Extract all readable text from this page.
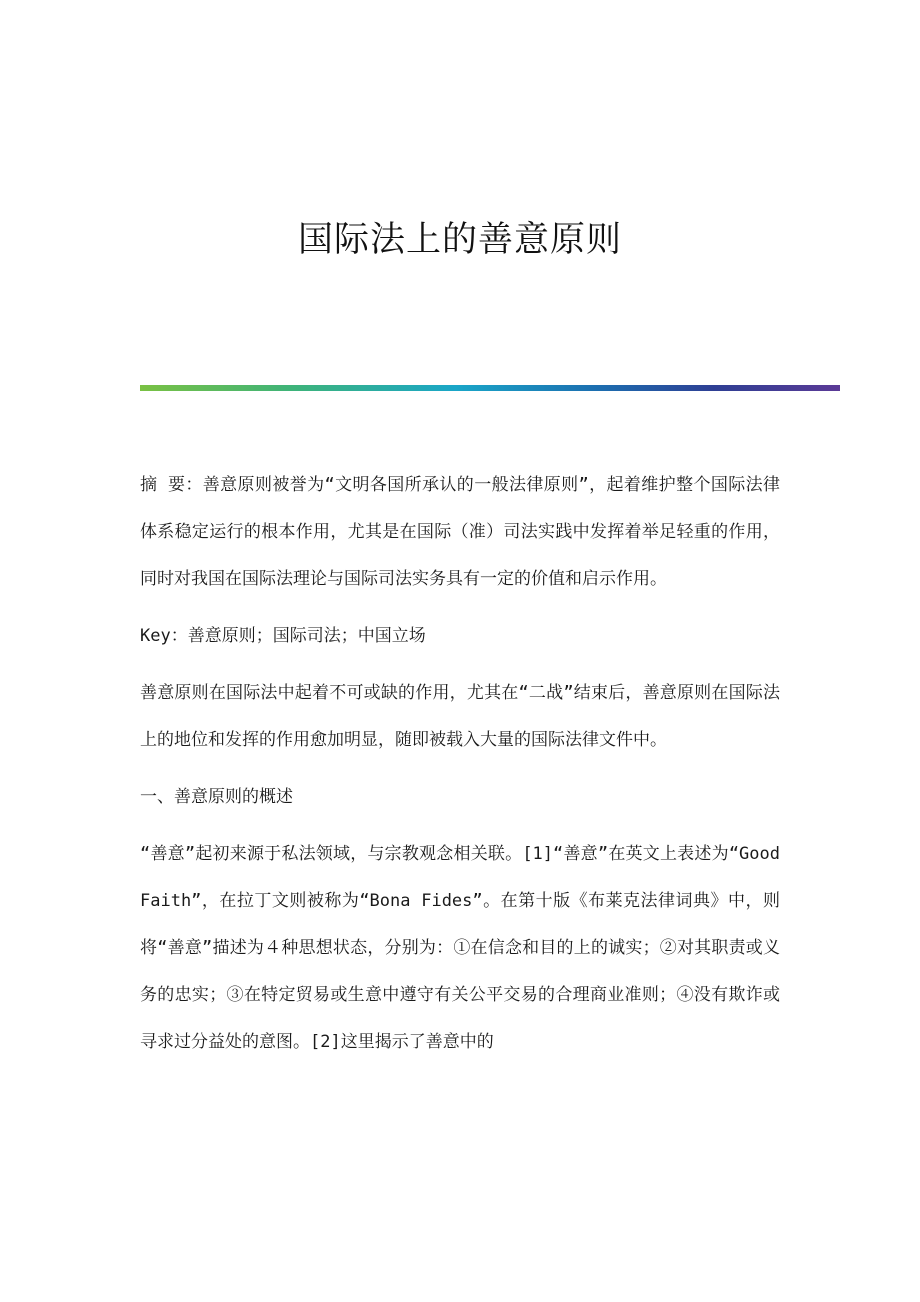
国际法上的善意原则

摘 要：善意原则被誉为“文明各国所承认的一般法律原则”，起着维护整个国际法律体系稳定运行的根本作用，尤其是在国际（准）司法实践中发挥着举足轻重的作用，同时对我国在国际法理论与国际司法实务具有一定的价值和启示作用。

Key：善意原则；国际司法；中国立场

善意原则在国际法中起着不可或缺的作用，尤其在“二战”结束后，善意原则在国际法上的地位和发挥的作用愈加明显，随即被载入大量的国际法律文件中。

一、善意原则的概述

“善意”起初来源于私法领域，与宗教观念相关联。[1]“善意”在英文上表述为“Good Faith”，在拉丁文则被称为“Bona Fides”。在第十版《布莱克法律词典》中，则将“善意”描述为４种思想状态，分别为：①在信念和目的上的诚实；②对其职责或义务的忠实；③在特定贸易或生意中遵守有关公平交易的合理商业准则；④没有欺诈或寻求过分益处的意图。[2]这里揭示了善意中的
